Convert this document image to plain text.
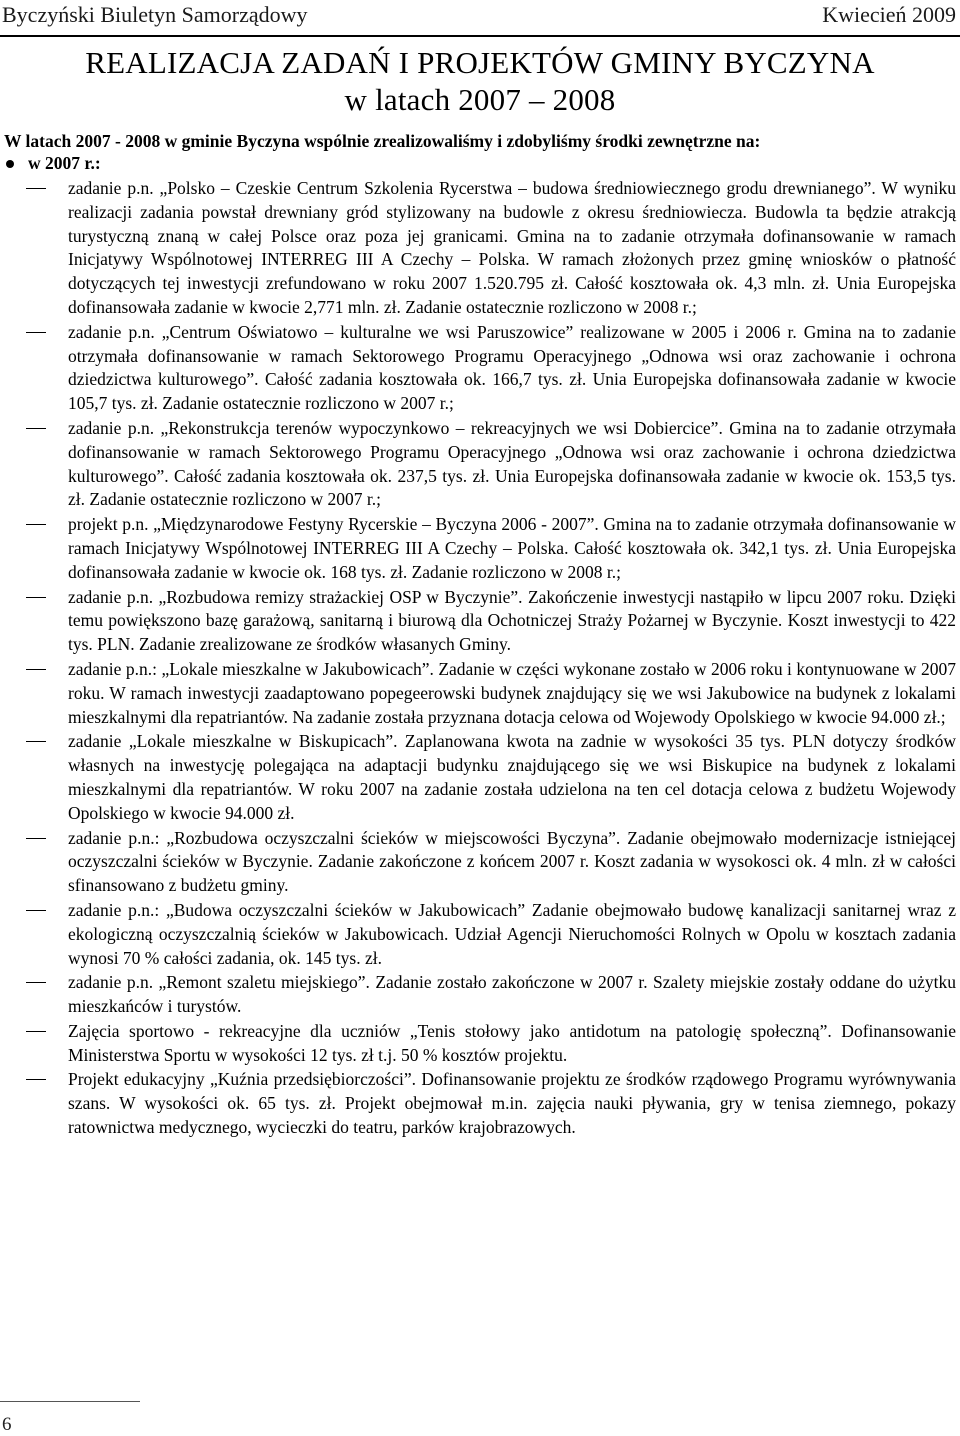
Byczyński Biuletyn Samorządowy	Kwiecień 2009
REALIZACJA ZADAŃ I PROJEKTÓW GMINY BYCZYNA
w latach 2007 – 2008
W latach 2007 - 2008 w gminie Byczyna wspólnie zrealizowaliśmy i zdobyliśmy środki zewnętrzne na:
w 2007 r.:
zadanie p.n. „Polsko – Czeskie Centrum Szkolenia Rycerstwa – budowa średniowiecznego grodu drewnianego”. W wyniku realizacji zadania powstał drewniany gród stylizowany na budowle z okresu średniowiecza. Budowla ta będzie atrakcją turystyczną znaną w całej Polsce oraz poza jej granicami. Gmina na to zadanie otrzymała dofinansowanie w ramach Inicjatywy Wspólnotowej INTERREG III A Czechy – Polska. W ramach złożonych przez gminę wniosków o płatność dotyczących tej inwestycji zrefundowano w roku 2007 1.520.795 zł. Całość kosztowała ok. 4,3 mln. zł. Unia Europejska dofinansowała zadanie w kwocie 2,771 mln. zł. Zadanie ostatecznie rozliczono w 2008 r.;
zadanie p.n. „Centrum Oświatowo – kulturalne we wsi Paruszowice” realizowane w 2005 i 2006 r. Gmina na to zadanie otrzymała dofinansowanie w ramach Sektorowego Programu Operacyjnego „Odnowa wsi oraz zachowanie i ochrona dziedzictwa kulturowego”. Całość zadania kosztowała ok. 166,7 tys. zł. Unia Europejska dofinansowała zadanie w kwocie 105,7 tys. zł. Zadanie ostatecznie rozliczono w 2007 r.;
zadanie p.n. „Rekonstrukcja terenów wypoczynkowo – rekreacyjnych we wsi Dobiercice”. Gmina na to zadanie otrzymała dofinansowanie w ramach Sektorowego Programu Operacyjnego „Odnowa wsi oraz zachowanie i ochrona dziedzictwa kulturowego”. Całość zadania kosztowała ok. 237,5 tys. zł. Unia Europejska dofinansowała zadanie w kwocie ok. 153,5 tys. zł. Zadanie ostatecznie rozliczono w 2007 r.;
projekt p.n. „Międzynarodowe Festyny Rycerskie – Byczyna 2006 - 2007”. Gmina na to zadanie otrzymała dofinansowanie w ramach Inicjatywy Wspólnotowej INTERREG III A Czechy – Polska. Całość kosztowała ok. 342,1 tys. zł. Unia Europejska dofinansowała zadanie w kwocie ok. 168 tys. zł. Zadanie rozliczono w 2008 r.;
zadanie p.n. „Rozbudowa remizy strażackiej OSP w Byczynie”. Zakończenie inwestycji nastąpiło w lipcu 2007 roku. Dzięki temu powiększono bazę garażową, sanitarną i biurową dla Ochotniczej Straży Pożarnej w Byczynie. Koszt inwestycji to 422 tys. PLN. Zadanie zrealizowane ze środków własanych Gminy.
zadanie p.n.: „Lokale mieszkalne w Jakubowicach”. Zadanie w części wykonane zostało w 2006 roku i kontynuowane w 2007 roku. W ramach inwestycji zaadaptowano popegeerowski budynek znajdujący się we wsi Jakubowice na budynek z lokalami mieszkalnymi dla repatriantów. Na zadanie została przyznana dotacja celowa od Wojewody Opolskiego w kwocie 94.000 zł.;
zadanie „Lokale mieszkalne w Biskupicach”. Zaplanowana kwota na zadnie w wysokości 35 tys. PLN dotyczy środków własnych na inwestycję polegająca na adaptacji budynku znajdującego się we wsi Biskupice na budynek z lokalami mieszkalnymi dla repatriantów. W roku 2007 na zadanie została udzielona na ten cel dotacja celowa z budżetu Wojewody Opolskiego w kwocie 94.000 zł.
zadanie p.n.: „Rozbudowa oczyszczalni ścieków w miejscowości Byczyna”. Zadanie obejmowało modernizacje istniejącej oczyszczalni ścieków w Byczynie. Zadanie zakończone z końcem 2007 r. Koszt zadania w wysokosci ok. 4 mln. zł w całości sfinansowano z budżetu gminy.
zadanie p.n.: „Budowa oczyszczalni ścieków w Jakubowicach” Zadanie obejmowało budowę kanalizacji sanitarnej wraz z ekologiczną oczyszczalnią ścieków w Jakubowicach. Udział Agencji Nieruchomości Rolnych w Opolu w kosztach zadania wynosi 70 % całości zadania, ok. 145 tys. zł.
zadanie p.n. „Remont szaletu miejskiego”. Zadanie zostało zakończone w 2007 r. Szalety miejskie zostały oddane do użytku mieszkańców i turystów.
Zajęcia sportowo - rekreacyjne dla uczniów „Tenis stołowy jako antidotum na patologię społeczną”. Dofinansowanie Ministerstwa Sportu w wysokości 12 tys. zł t.j. 50 % kosztów projektu.
Projekt edukacyjny „Kuźnia przedsiębiorczości”. Dofinansowanie projektu ze środków rządowego Programu wyrównywania szans. W wysokości ok. 65 tys. zł. Projekt obejmował m.in. zajęcia nauki pływania, gry w tenisa ziemnego, pokazy ratownictwa medycznego, wycieczki do teatru, parków krajobrazowych.
6
